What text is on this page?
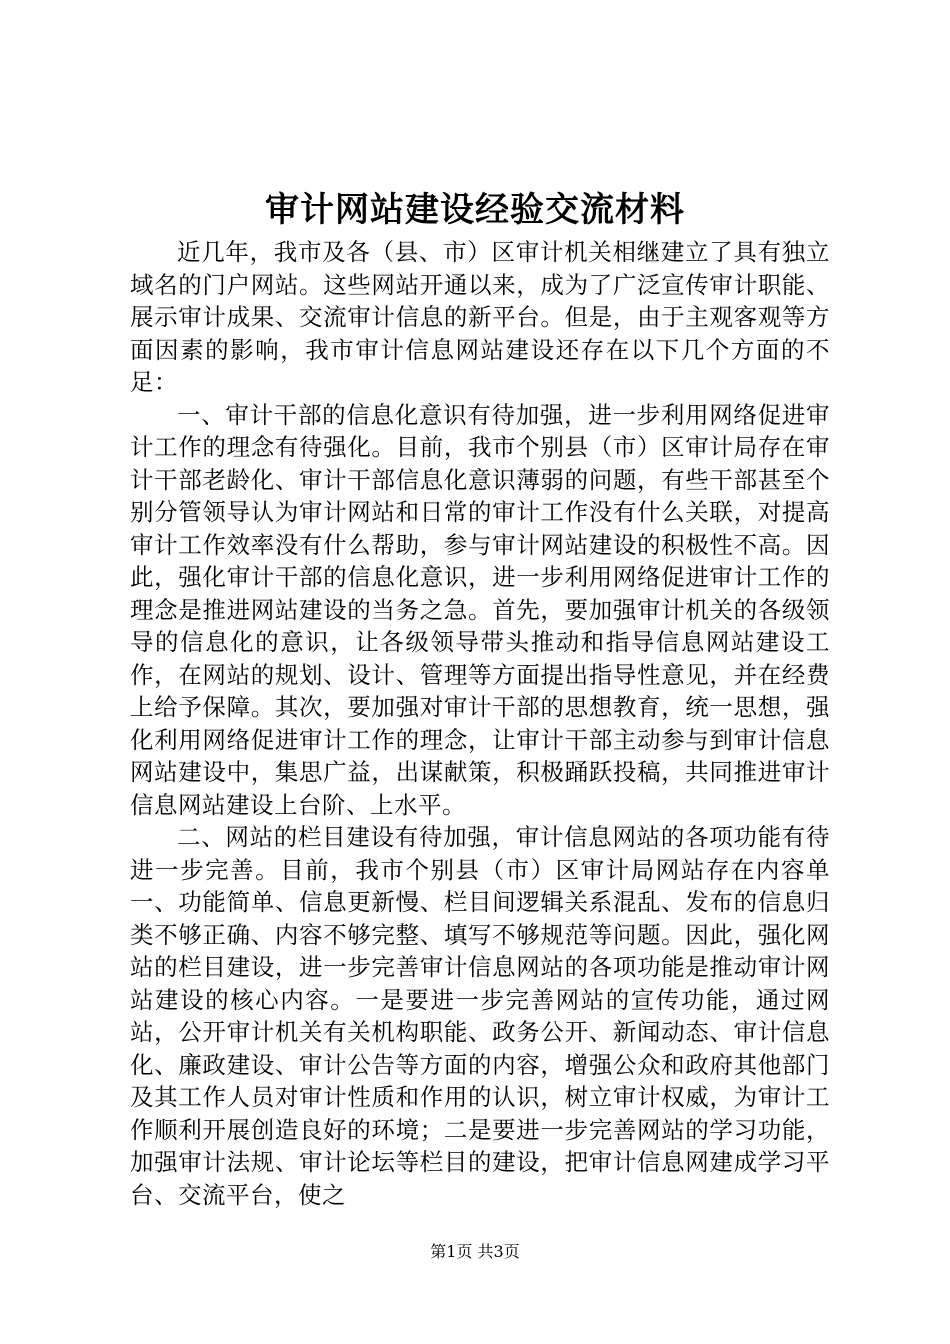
审计网站建设经验交流材料

近几年，我市及各（县、市）区审计机关相继建立了具有独立域名的门户网站。这些网站开通以来，成为了广泛宣传审计职能、展示审计成果、交流审计信息的新平台。但是，由于主观客观等方面因素的影响，我市审计信息网站建设还存在以下几个方面的不足：

一、审计干部的信息化意识有待加强，进一步利用网络促进审计工作的理念有待强化。目前，我市个别县（市）区审计局存在审计干部老龄化、审计干部信息化意识薄弱的问题，有些干部甚至个别分管领导认为审计网站和日常的审计工作没有什么关联，对提高审计工作效率没有什么帮助，参与审计网站建设的积极性不高。因此，强化审计干部的信息化意识，进一步利用网络促进审计工作的理念是推进网站建设的当务之急。首先，要加强审计机关的各级领导的信息化的意识，让各级领导带头推动和指导信息网站建设工作，在网站的规划、设计、管理等方面提出指导性意见，并在经费上给予保障。其次，要加强对审计干部的思想教育，统一思想，强化利用网络促进审计工作的理念，让审计干部主动参与到审计信息网站建设中，集思广益，出谋献策，积极踊跃投稿，共同推进审计信息网站建设上台阶、上水平。

二、网站的栏目建设有待加强，审计信息网站的各项功能有待进一步完善。目前，我市个别县（市）区审计局网站存在内容单一、功能简单、信息更新慢、栏目间逻辑关系混乱、发布的信息归类不够正确、内容不够完整、填写不够规范等问题。因此，强化网站的栏目建设，进一步完善审计信息网站的各项功能是推动审计网站建设的核心内容。一是要进一步完善网站的宣传功能，通过网站，公开审计机关有关机构职能、政务公开、新闻动态、审计信息化、廉政建设、审计公告等方面的内容，增强公众和政府其他部门及其工作人员对审计性质和作用的认识，树立审计权威，为审计工作顺利开展创造良好的环境；二是要进一步完善网站的学习功能，加强审计法规、审计论坛等栏目的建设，把审计信息网建成学习平台、交流平台，使之

第1页 共3页
